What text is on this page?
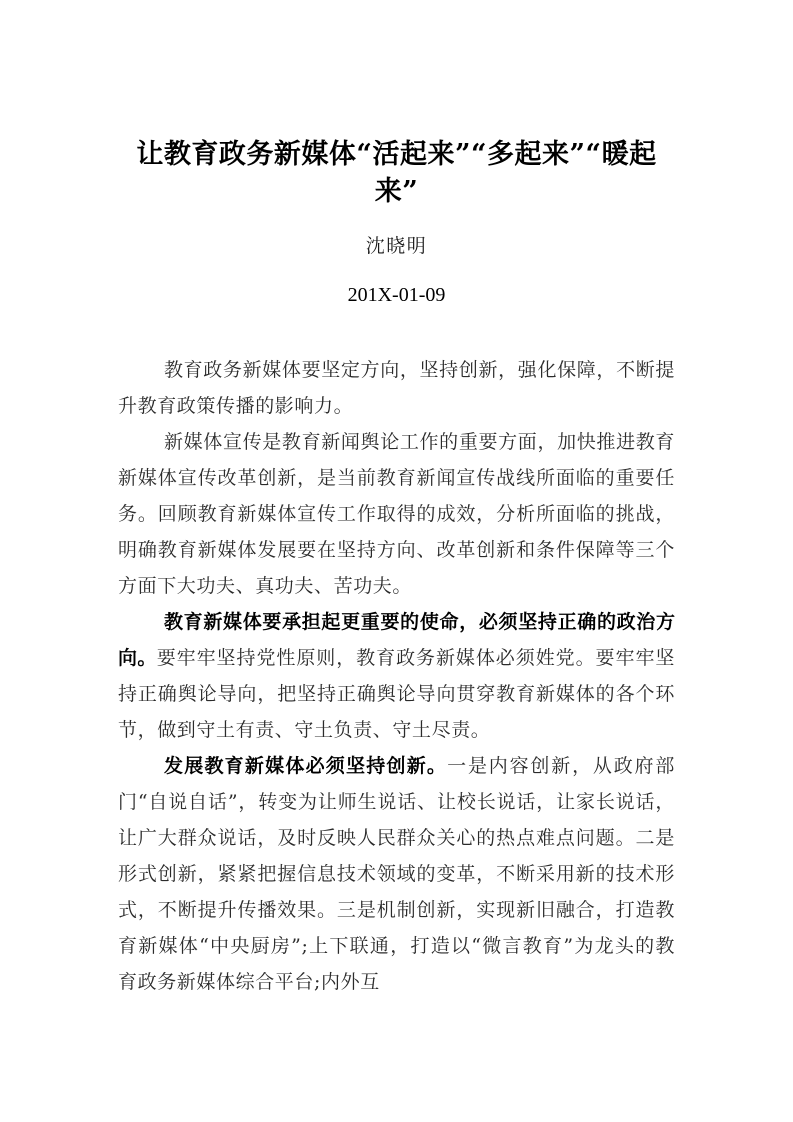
让教育政务新媒体“活起来”“多起来”“暖起来”
沈晓明
201X-01-09

教育政务新媒体要坚定方向，坚持创新，强化保障，不断提升教育政策传播的影响力。

新媒体宣传是教育新闻舆论工作的重要方面，加快推进教育新媒体宣传改革创新，是当前教育新闻宣传战线所面临的重要任务。回顾教育新媒体宣传工作取得的成效，分析所面临的挑战，明确教育新媒体发展要在坚持方向、改革创新和条件保障等三个方面下大功夫、真功夫、苦功夫。

教育新媒体要承担起更重要的使命，必须坚持正确的政治方向。要牢牢坚持党性原则，教育政务新媒体必须姓党。要牢牢坚持正确舆论导向，把坚持正确舆论导向贯穿教育新媒体的各个环节，做到守土有责、守土负责、守土尽责。

发展教育新媒体必须坚持创新。一是内容创新，从政府部门“自说自话”，转变为让师生说话、让校长说话，让家长说话，让广大群众说话，及时反映人民群众关心的热点难点问题。二是形式创新，紧紧把握信息技术领域的变革，不断采用新的技术形式，不断提升传播效果。三是机制创新，实现新旧融合，打造教育新媒体“中央厨房”;上下联通，打造以“微言教育”为龙头的教育政务新媒体综合平台;内外互
